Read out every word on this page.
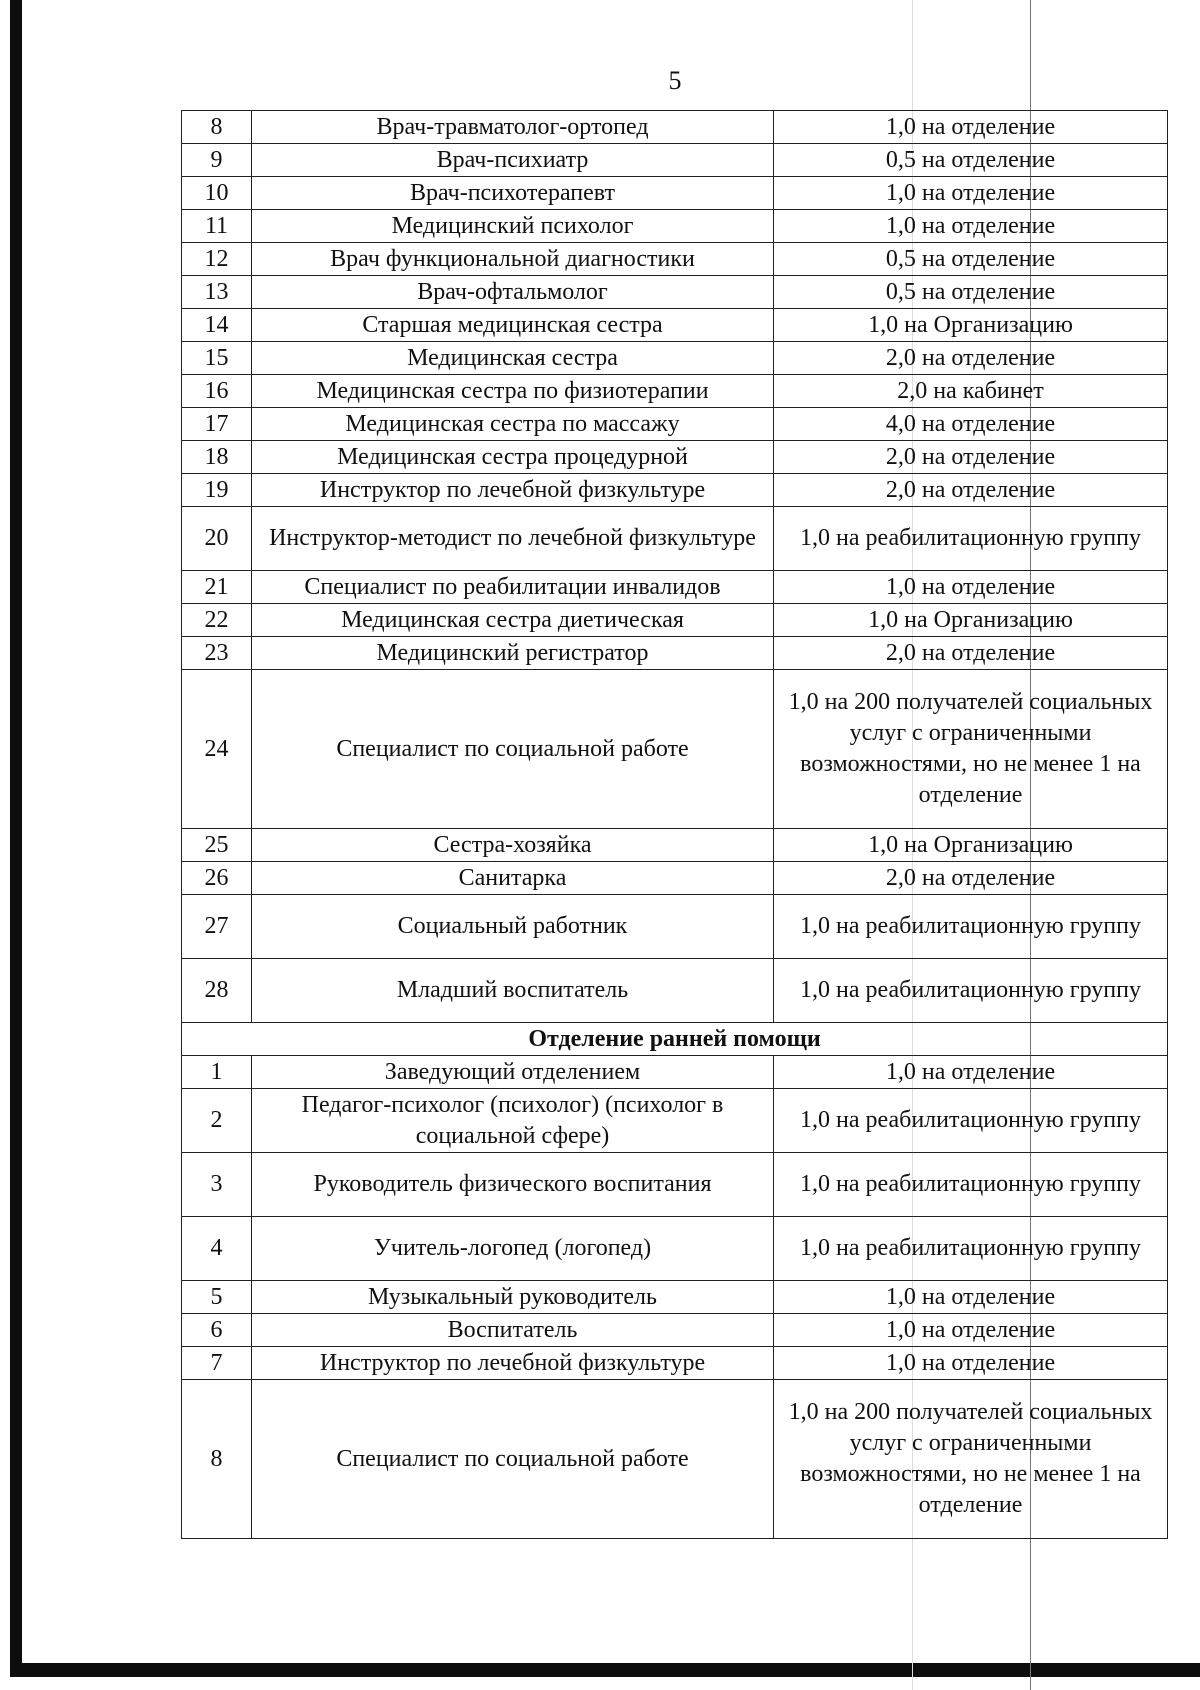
5
8	Врач-травматолог-ортопед	1,0 на отделение
9	Врач-психиатр	0,5 на отделение
10	Врач-психотерапевт	1,0 на отделение
11	Медицинский психолог	1,0 на отделение
12	Врач функциональной диагностики	0,5 на отделение
13	Врач-офтальмолог	0,5 на отделение
14	Старшая медицинская сестра	1,0 на Организацию
15	Медицинская сестра	2,0 на отделение
16	Медицинская сестра по физиотерапии	2,0 на кабинет
17	Медицинская сестра по массажу	4,0 на отделение
18	Медицинская сестра процедурной	2,0 на отделение
19	Инструктор по лечебной физкультуре	2,0 на отделение
20	Инструктор-методист по лечебной физкультуре	1,0 на реабилитационную группу
21	Специалист по реабилитации инвалидов	1,0 на отделение
22	Медицинская сестра диетическая	1,0 на Организацию
23	Медицинский регистратор	2,0 на отделение
24	Специалист по социальной работе	1,0 на 200 получателей социальных услуг с ограниченными возможностями, но не менее 1 на отделение
25	Сестра-хозяйка	1,0 на Организацию
26	Санитарка	2,0 на отделение
27	Социальный работник	1,0 на реабилитационную группу
28	Младший воспитатель	1,0 на реабилитационную группу
Отделение ранней помощи		
1	Заведующий отделением	1,0 на отделение
2	Педагог-психолог (психолог) (психолог в социальной сфере)	1,0 на реабилитационную группу
3	Руководитель физического воспитания	1,0 на реабилитационную группу
4	Учитель-логопед (логопед)	1,0 на реабилитационную группу
5	Музыкальный руководитель	1,0 на отделение
6	Воспитатель	1,0 на отделение
7	Инструктор по лечебной физкультуре	1,0 на отделение
8	Специалист по социальной работе	1,0 на 200 получателей социальных услуг с ограниченными возможностями, но не менее 1 на отделение
